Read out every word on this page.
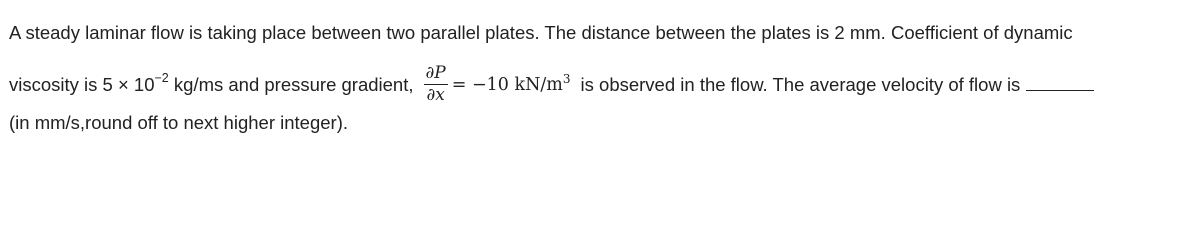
A steady laminar flow is taking place between two parallel plates. The distance between the plates is 2 mm. Coefficient of dynamic
viscosity is $5 \times 10^{-2}$ kg/ms and pressure gradient, $\frac{\partial P}{\partial x} = -10$ $kN/m^3$ is observed in the flow. The average velocity of flow is
(in mm/s,round off to next higher integer).
